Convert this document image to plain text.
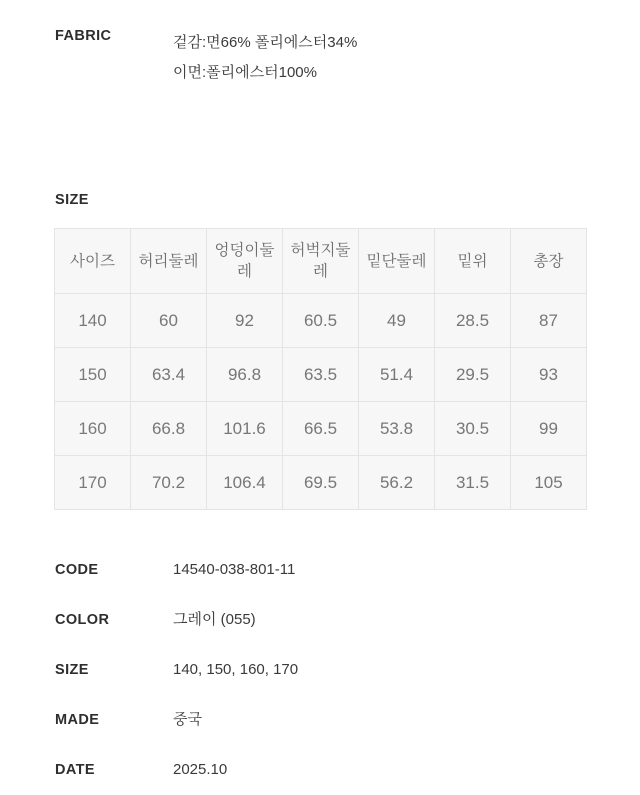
FABRIC	겉감:면66% 폴리에스터34%
이면:폴리에스터100%
SIZE
사이즈	허리둘레	엉덩이둘레	허벅지둘레	밑단둘레	밑위	총장
140	60	92	60.5	49	28.5	87
150	63.4	96.8	63.5	51.4	29.5	93
160	66.8	101.6	66.5	53.8	30.5	99
170	70.2	106.4	69.5	56.2	31.5	105
CODE	14540-038-801-11
COLOR	그레이 (055)
SIZE	140, 150, 160, 170
MADE	중국
DATE	2025.10
